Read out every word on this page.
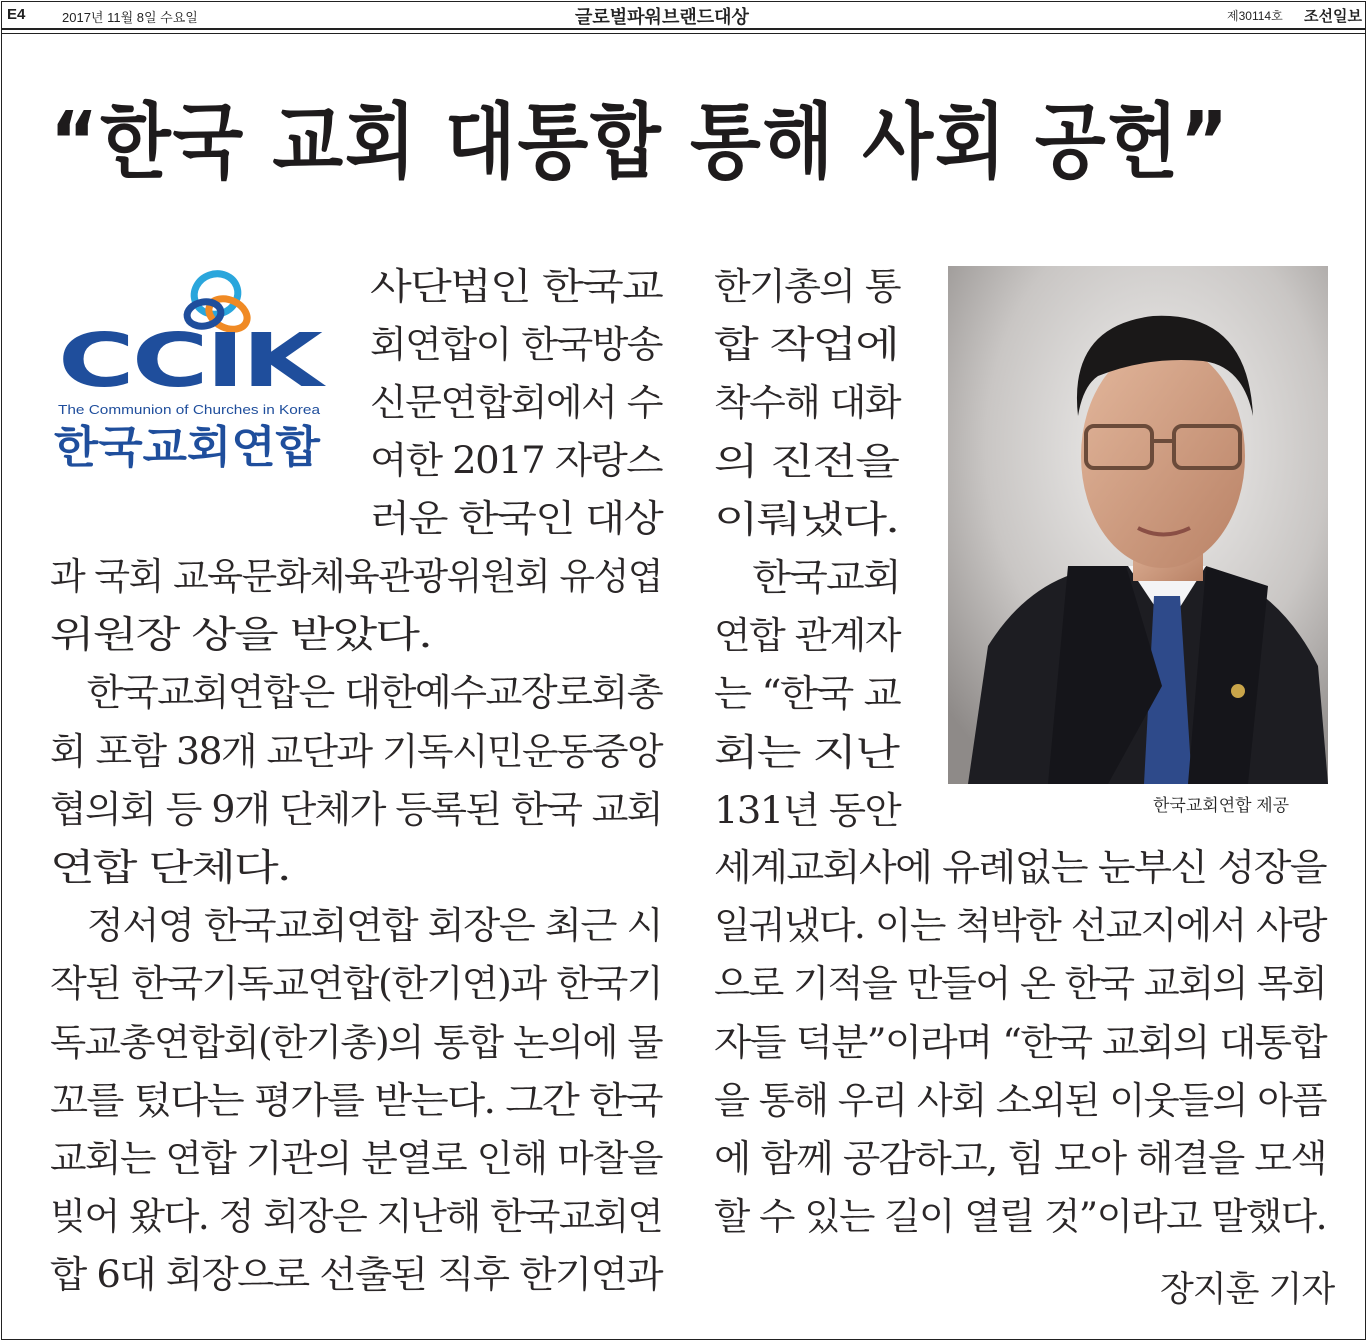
E4	2017년 11월 8일 수요일	글로벌파워브랜드대상	제30114호 조선일보
“한국 교회 대통합 통해 사회 공헌”
CCIK
The Communion of Churches in Korea
한국교회연합
사단법인 한국교
회연합이 한국방송
신문연합회에서 수
여한 2017 자랑스
러운 한국인 대상
과 국회 교육문화체육관광위원회 유성엽
위원장 상을 받았다.
　한국교회연합은 대한예수교장로회총
회 포함 38개 교단과 기독시민운동중앙
협의회 등 9개 단체가 등록된 한국 교회
연합 단체다.
　정서영 한국교회연합 회장은 최근 시
작된 한국기독교연합(한기연)과 한국기
독교총연합회(한기총)의 통합 논의에 물
꼬를 텄다는 평가를 받는다. 그간 한국
교회는 연합 기관의 분열로 인해 마찰을
빚어 왔다. 정 회장은 지난해 한국교회연
합 6대 회장으로 선출된 직후 한기연과
한기총의 통
합 작업에
착수해 대화
의 진전을
이뤄냈다.
　한국교회
연합 관계자
는 “한국 교
회는 지난
131년 동안
세계교회사에 유례없는 눈부신 성장을
일궈냈다. 이는 척박한 선교지에서 사랑
으로 기적을 만들어 온 한국 교회의 목회
자들 덕분”이라며 “한국 교회의 대통합
을 통해 우리 사회 소외된 이웃들의 아픔
에 함께 공감하고, 힘 모아 해결을 모색
할 수 있는 길이 열릴 것”이라고 말했다.
한국교회연합 제공
장지훈 기자
